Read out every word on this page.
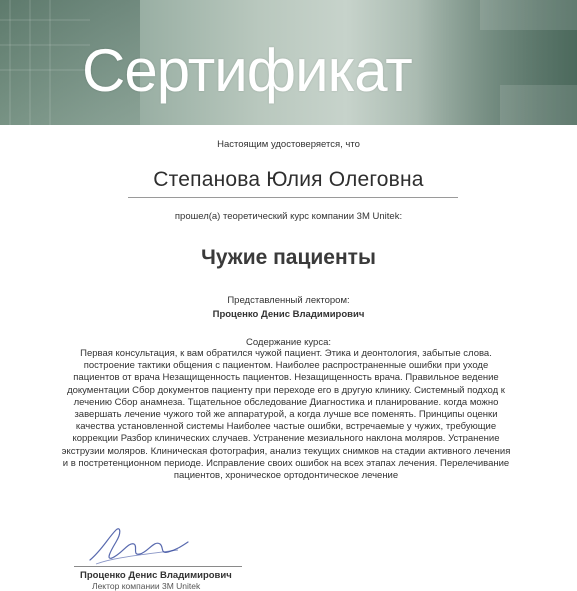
Сертификат
Настоящим удостоверяется, что
Степанова Юлия Олеговна
прошел(а) теоретический курс компании 3M Unitek:
Чужие пациенты
Представленный лектором:
Проценко Денис Владимирович
Содержание курса:
Первая консультация, к вам обратился чужой пациент. Этика и деонтология, забытые слова.
построение тактики общения с пациентом. Наиболее распространенные ошибки при уходе
пациентов от врача Незащищенность пациентов. Незащищенность врача. Правильное ведение
документации Сбор документов пациенту при переходе его в другую клинику. Системный подход к
лечению Сбор анамнеза. Тщательное обследование Диагностика и планирование. когда можно
завершать лечение чужого той же аппаратурой, а когда лучше все поменять. Принципы оценки
качества установленной системы Наиболее частые ошибки, встречаемые у чужих, требующие
коррекции Разбор клинических случаев. Устранение мезиального наклона моляров. Устранение
экструзии моляров. Клиническая фотография, анализ текущих снимков на стадии активного лечения
и в постретенционном периоде. Исправление своих ошибок на всех этапах лечения. Перелечивание
пациентов, хроническое ортодонтическое лечение
Проценко Денис Владимирович
Лектор компании 3M Unitek
